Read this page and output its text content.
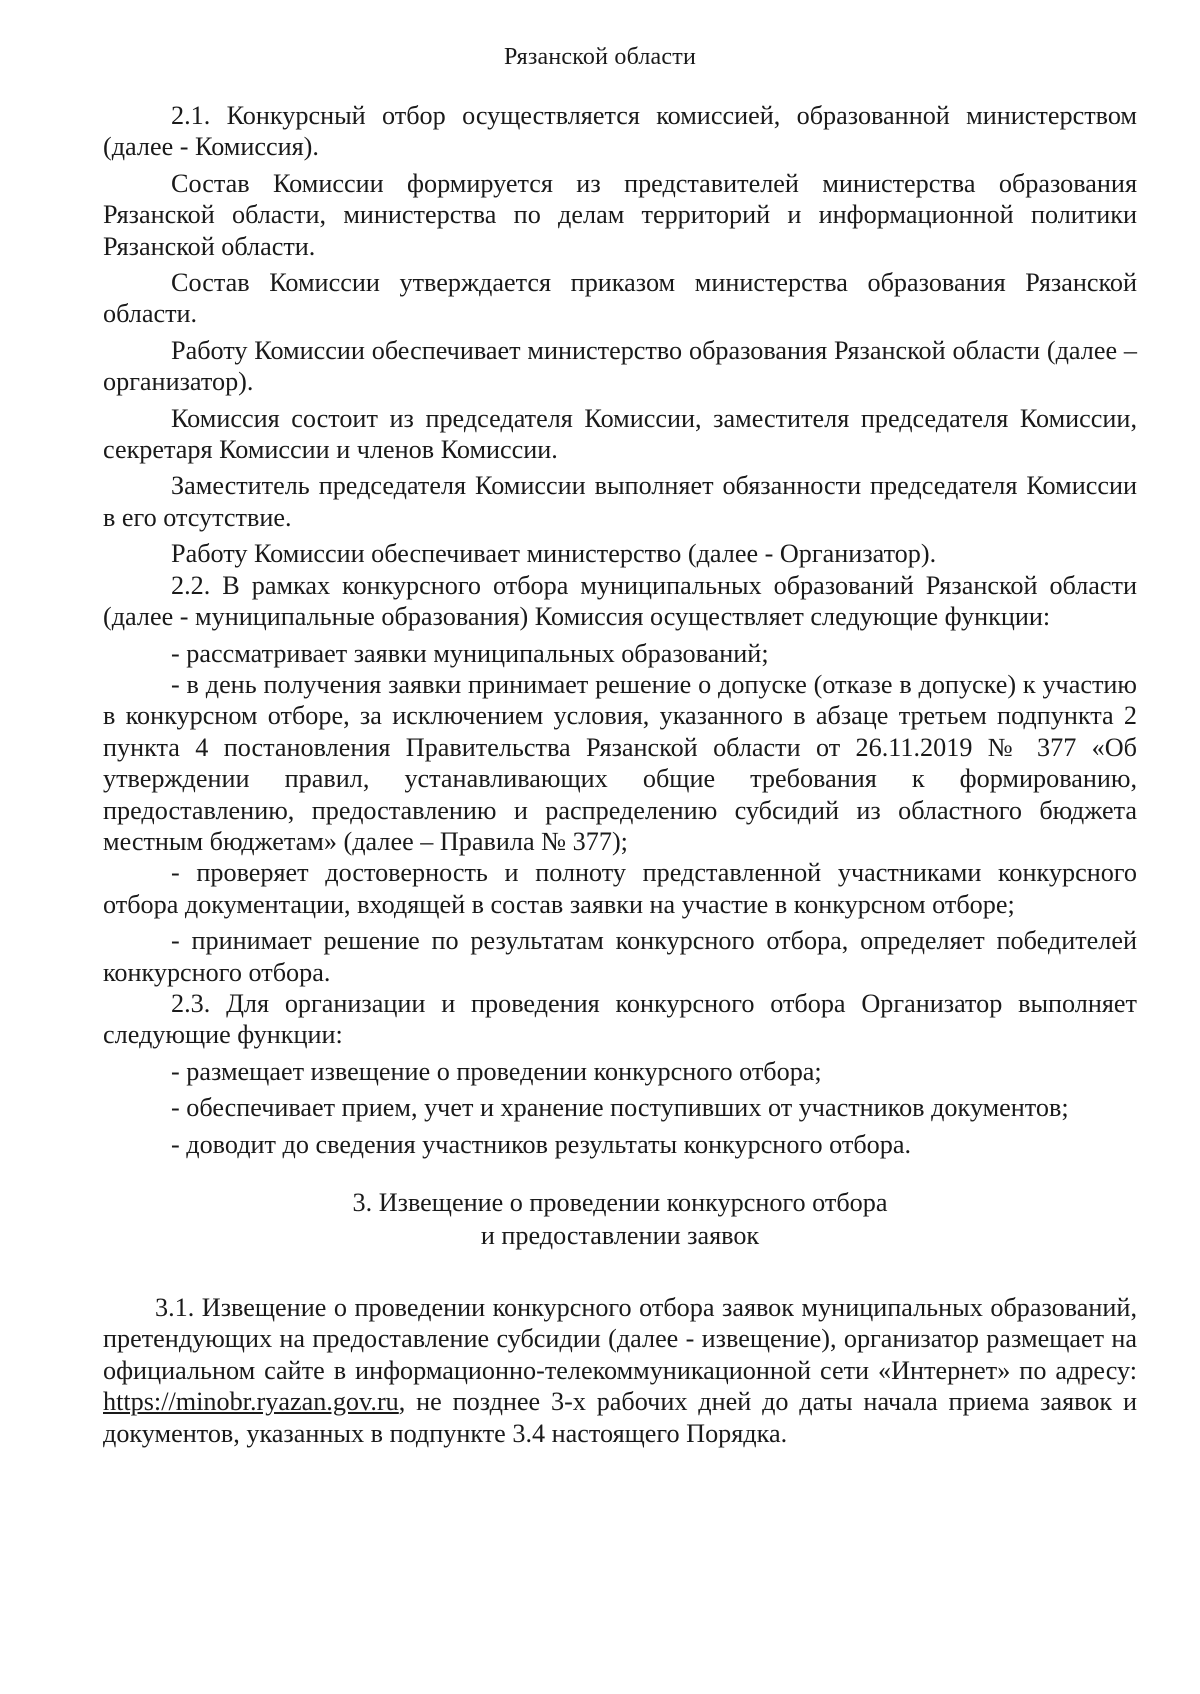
Рязанской области

2.1. Конкурсный отбор осуществляется комиссией, образованной министерством (далее - Комиссия).

Состав Комиссии формируется из представителей министерства образования Рязанской области, министерства по делам территорий и информационной политики Рязанской области.

Состав Комиссии утверждается приказом министерства образования Рязанской области.

Работу Комиссии обеспечивает министерство образования Рязанской области (далее – организатор).

Комиссия состоит из председателя Комиссии, заместителя председателя Комиссии, секретаря Комиссии и членов Комиссии.

Заместитель председателя Комиссии выполняет обязанности председателя Комиссии в его отсутствие.

Работу Комиссии обеспечивает министерство (далее - Организатор).

2.2. В рамках конкурсного отбора муниципальных образований Рязанской области (далее - муниципальные образования) Комиссия осуществляет следующие функции:

- рассматривает заявки муниципальных образований;

- в день получения заявки принимает решение о допуске (отказе в допуске) к участию в конкурсном отборе, за исключением условия, указанного в абзаце третьем подпункта 2 пункта 4 постановления Правительства Рязанской области от 26.11.2019 № 377 «Об утверждении правил, устанавливающих общие требования к формированию, предоставлению, предоставлению и распределению субсидий из областного бюджета местным бюджетам» (далее – Правила № 377);

- проверяет достоверность и полноту представленной участниками конкурсного отбора документации, входящей в состав заявки на участие в конкурсном отборе;

- принимает решение по результатам конкурсного отбора, определяет победителей конкурсного отбора.

2.3. Для организации и проведения конкурсного отбора Организатор выполняет следующие функции:

- размещает извещение о проведении конкурсного отбора;

- обеспечивает прием, учет и хранение поступивших от участников документов;

- доводит до сведения участников результаты конкурсного отбора.

3. Извещение о проведении конкурсного отбора
и предоставлении заявок

3.1. Извещение о проведении конкурсного отбора заявок муниципальных образований, претендующих на предоставление субсидии (далее - извещение), организатор размещает на официальном сайте в информационно-телекоммуникационной сети «Интернет» по адресу: https://minobr.ryazan.gov.ru, не позднее 3-х рабочих дней до даты начала приема заявок и документов, указанных в подпункте 3.4 настоящего Порядка.
